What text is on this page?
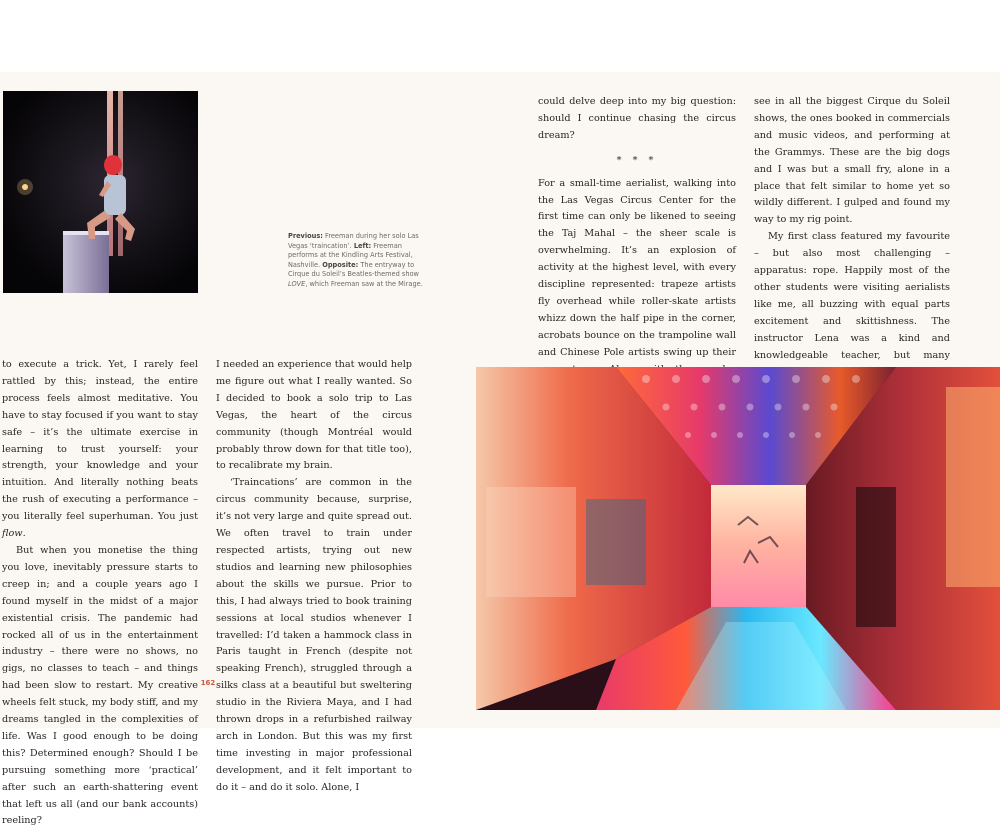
Previous: Freeman during her solo Las Vegas ‘traincation’. Left: Freeman performs at the Kindling Arts Festival, Nashville. Opposite: The entryway to Cirque du Soleil’s Beatles-themed show LOVE, which Freeman saw at the Mirage.

could delve deep into my big question: should I continue chasing the circus dream?

* * *

For a small-time aerialist, walking into the Las Vegas Circus Center for the first time can only be likened to seeing the Taj Mahal – the sheer scale is overwhelming. It’s an explosion of activity at the highest level, with every discipline represented: trapeze artists fly overhead while roller-skate artists whizz down the half pipe in the corner, acrobats bounce on the trampoline wall and Chinese Pole artists swing up their

see in all the biggest Cirque du Soleil shows, the ones booked in commercials and music videos, and performing at the Grammys. These are the big dogs and I was but a small fry, alone in a place that felt similar to home yet so wildly different. I gulped and found my way to my rig point.

My first class featured my favourite – but also most challenging – apparatus: rope. Happily most of the other students were visiting aerialists like me, all buzzing with equal parts excitement and skittishness. The instructor Lena was a kind and knowledgeable teacher, but many

to execute a trick. Yet, I rarely feel rattled by this; instead, the entire process feels almost meditative. You have to stay focused if you want to stay safe – it’s the ultimate exercise in learning to trust yourself: your strength, your knowledge and your intuition. And literally nothing beats the rush of executing a performance – you literally feel superhuman. You just flow.

But when you monetise the thing you love, inevitably pressure starts to creep in; and a couple years ago I found myself in the midst of a major existential crisis. The pandemic had rocked all of us in the entertainment industry – there were no shows, no gigs, no classes to teach – and things had been slow to restart. My creative wheels felt stuck, my body stiff, and my dreams tangled in the complexities of life. Was I good enough to be doing this? Determined enough? Should I be pursuing something more ‘practical’ after such an earth-shattering event that left us all (and our bank accounts) reeling?

I needed an experience that would help me figure out what I really wanted. So I decided to book a solo trip to Las Vegas, the heart of the circus community (though Montréal would probably throw down for that title too), to recalibrate my brain.

‘Traincations’ are common in the circus community because, surprise, it’s not very large and quite spread out. We often travel to train under respected artists, trying out new studios and learning new philosophies about the skills we pursue. Prior to this, I had always tried to book training sessions at local studios whenever I travelled: I’d taken a hammock class in Paris taught in French (despite not speaking French), struggled through a silks class at a beautiful but sweltering studio in the Riviera Maya, and I had thrown drops in a refurbished railway arch in London. But this was my first time investing in major professional development, and it felt important to do it – and do it solo. Alone, I

162
